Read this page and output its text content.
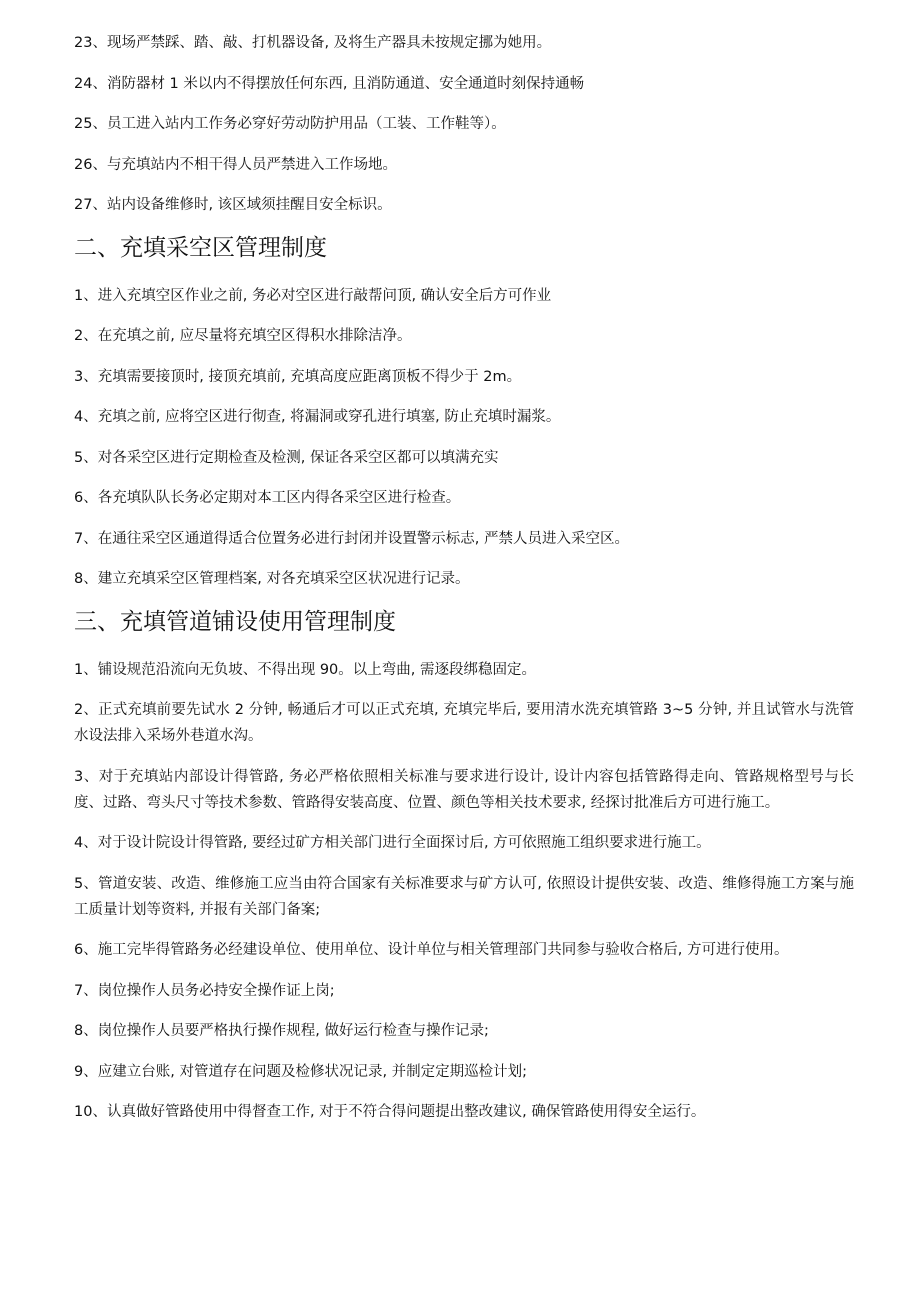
23、现场严禁踩、踏、敲、打机器设备, 及将生产器具未按规定挪为她用。

24、消防器材 1 米以内不得摆放任何东西, 且消防通道、安全通道时刻保持通畅

25、员工进入站内工作务必穿好劳动防护用品（工装、工作鞋等）。

26、与充填站内不相干得人员严禁进入工作场地。

27、站内设备维修时, 该区域须挂醒目安全标识。

二、充填采空区管理制度

1、进入充填空区作业之前, 务必对空区进行敲帮问顶, 确认安全后方可作业

2、在充填之前, 应尽量将充填空区得积水排除洁净。

3、充填需要接顶时, 接顶充填前, 充填高度应距离顶板不得少于 2m。

4、充填之前, 应将空区进行彻查, 将漏洞或穿孔进行填塞, 防止充填时漏浆。

5、对各采空区进行定期检查及检测, 保证各采空区都可以填满充实

6、各充填队队长务必定期对本工区内得各采空区进行检查。

7、在通往采空区通道得适合位置务必进行封闭并设置警示标志, 严禁人员进入采空区。

8、建立充填采空区管理档案, 对各充填采空区状况进行记录。

三、充填管道铺设使用管理制度

1、铺设规范沿流向无负坡、不得出现 90。以上弯曲, 需逐段绑稳固定。

2、正式充填前要先试水 2 分钟, 畅通后才可以正式充填, 充填完毕后, 要用清水洗充填管路 3~5 分钟, 并且试管水与洗管水设法排入采场外巷道水沟。

3、对于充填站内部设计得管路, 务必严格依照相关标准与要求进行设计, 设计内容包括管路得走向、管路规格型号与长度、过路、弯头尺寸等技术参数、管路得安装高度、位置、颜色等相关技术要求, 经探讨批准后方可进行施工。

4、对于设计院设计得管路, 要经过矿方相关部门进行全面探讨后, 方可依照施工组织要求进行施工。

5、管道安装、改造、维修施工应当由符合国家有关标准要求与矿方认可, 依照设计提供安装、改造、维修得施工方案与施工质量计划等资料, 并报有关部门备案;

6、施工完毕得管路务必经建设单位、使用单位、设计单位与相关管理部门共同参与验收合格后, 方可进行使用。

7、岗位操作人员务必持安全操作证上岗;

8、岗位操作人员要严格执行操作规程, 做好运行检查与操作记录;

9、应建立台账, 对管道存在问题及检修状况记录, 并制定定期巡检计划;

10、认真做好管路使用中得督查工作, 对于不符合得问题提出整改建议, 确保管路使用得安全运行。
